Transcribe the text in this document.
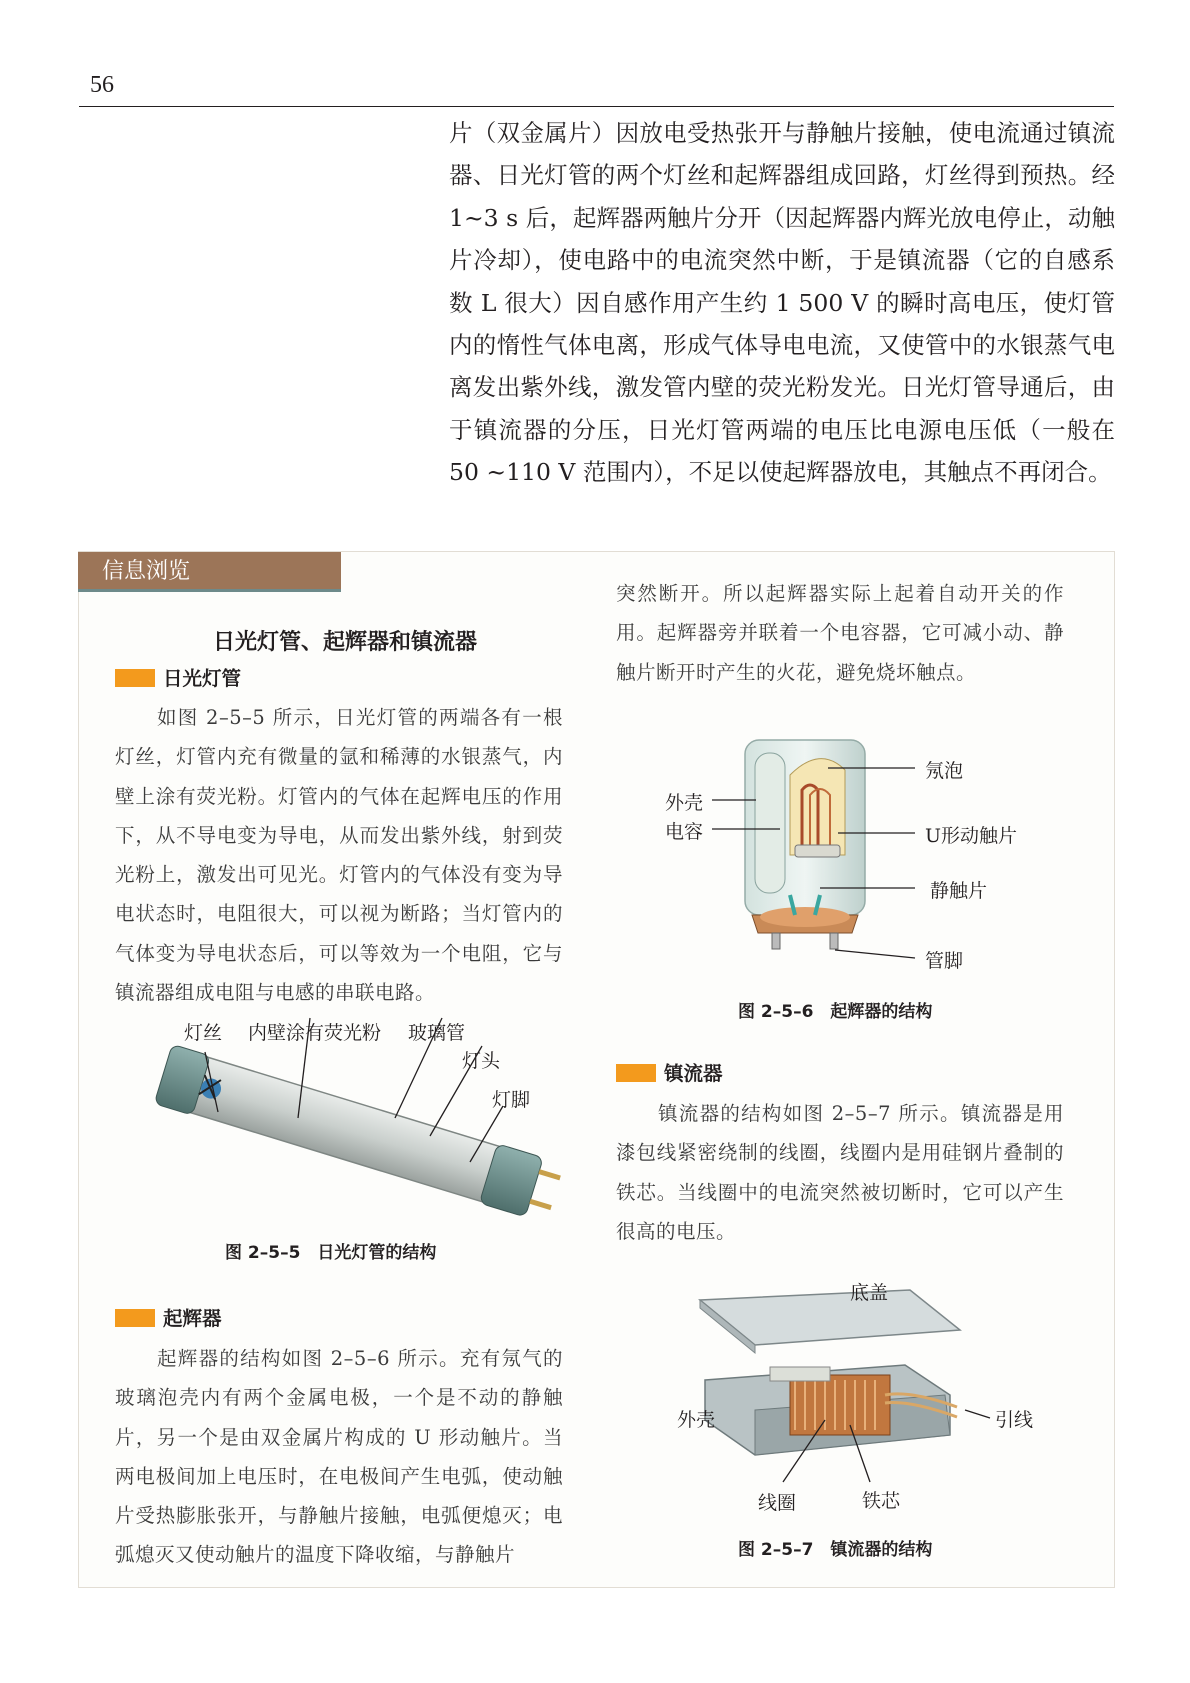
56

片（双金属片）因放电受热张开与静触片接触，使电流通过镇流器、日光灯管的两个灯丝和起辉器组成回路，灯丝得到预热。经 1~3 s 后，起辉器两触片分开（因起辉器内辉光放电停止，动触片冷却），使电路中的电流突然中断，于是镇流器（它的自感系数 L 很大）因自感作用产生约 1 500 V 的瞬时高电压，使灯管内的惰性气体电离，形成气体导电电流，又使管中的水银蒸气电离发出紫外线，激发管内壁的荧光粉发光。日光灯管导通后，由于镇流器的分压，日光灯管两端的电压比电源电压低（一般在 50 ~110 V 范围内），不足以使起辉器放电，其触点不再闭合。

信息浏览
日光灯管、起辉器和镇流器
日光灯管

如图 2–5–5 所示，日光灯管的两端各有一根灯丝，灯管内充有微量的氩和稀薄的水银蒸气，内壁上涂有荧光粉。灯管内的气体在起辉电压的作用下，从不导电变为导电，从而发出紫外线，射到荧光粉上，激发出可见光。灯管内的气体没有变为导电状态时，电阻很大，可以视为断路；当灯管内的气体变为导电状态后，可以等效为一个电阻，它与镇流器组成电阻与电感的串联电路。

灯丝 内壁涂有荧光粉 玻璃管
灯头
灯脚
图 2–5–5　日光灯管的结构
起辉器

起辉器的结构如图 2–5–6 所示。充有氖气的玻璃泡壳内有两个金属电极，一个是不动的静触片，另一个是由双金属片构成的 U 形动触片。当两电极间加上电压时，在电极间产生电弧，使动触片受热膨胀张开，与静触片接触，电弧便熄灭；电弧熄灭又使动触片的温度下降收缩，与静触片

突然断开。所以起辉器实际上起着自动开关的作用。起辉器旁并联着一个电容器，它可减小动、静触片断开时产生的火花，避免烧坏触点。

外壳
电容
氖泡
U形动触片
静触片
管脚
图 2–5–6　起辉器的结构
镇流器

镇流器的结构如图 2–5–7 所示。镇流器是用漆包线紧密绕制的线圈，线圈内是用硅钢片叠制的铁芯。当线圈中的电流突然被切断时，它可以产生很高的电压。

底盖
外壳	引线
线圈	铁芯
图 2–5–7　镇流器的结构
